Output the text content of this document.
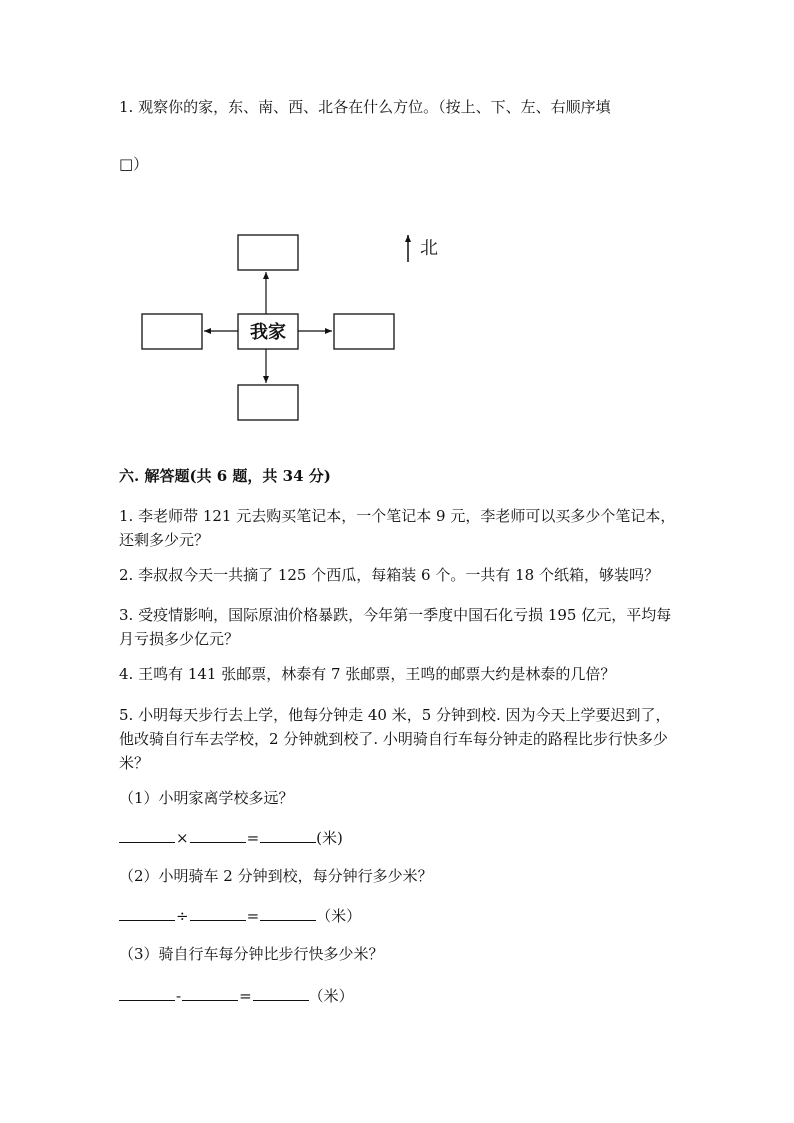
1. 观察你的家，东、南、西、北各在什么方位。（按上、下、左、右顺序填
□）
我家
北
六. 解答题(共 6 题，共 34 分)
1. 李老师带 121 元去购买笔记本，一个笔记本 9 元，李老师可以买多少个笔记本，还剩多少元？
2. 李叔叔今天一共摘了 125 个西瓜，每箱装 6 个。一共有 18 个纸箱，够装吗？
3. 受疫情影响，国际原油价格暴跌，今年第一季度中国石化亏损 195 亿元，平均每月亏损多少亿元？
4. 王鸣有 141 张邮票，林泰有 7 张邮票，王鸣的邮票大约是林泰的几倍？
5. 小明每天步行去上学，他每分钟走 40 米，5 分钟到校. 因为今天上学要迟到了，他改骑自行车去学校，2 分钟就到校了. 小明骑自行车每分钟走的路程比步行快多少米？
（1）小明家离学校多远？
×	=	(米)
（2）小明骑车 2 分钟到校，每分钟行多少米？
÷	=	（米）
（3）骑自行车每分钟比步行快多少米？
-	=	（米）
